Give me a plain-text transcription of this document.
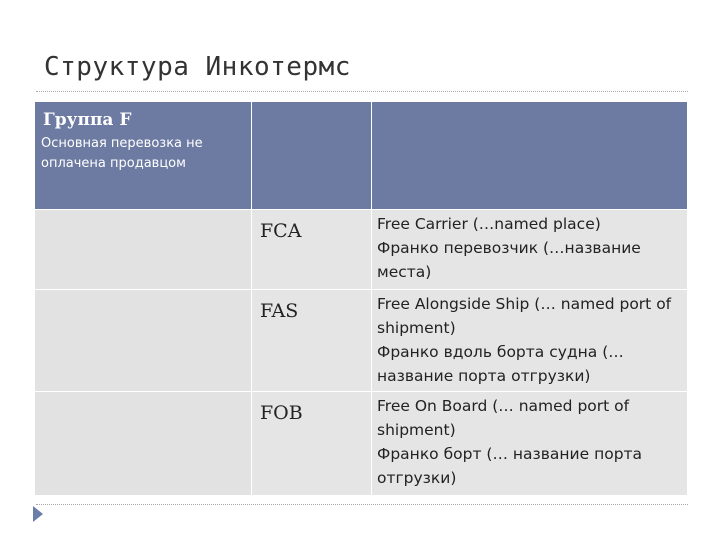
Структура Инкотермс
Группа F
Основная перевозка не оплачена продавцом		

	FCA	Free Carrier (…named place)
Франко перевозчик (…название места)

	FAS	Free Alongside Ship (… named port of shipment)
Франко вдоль борта судна (… название порта отгрузки)

	FOB	Free On Board (… named port of shipment)
Франко борт (… название порта отгрузки)
